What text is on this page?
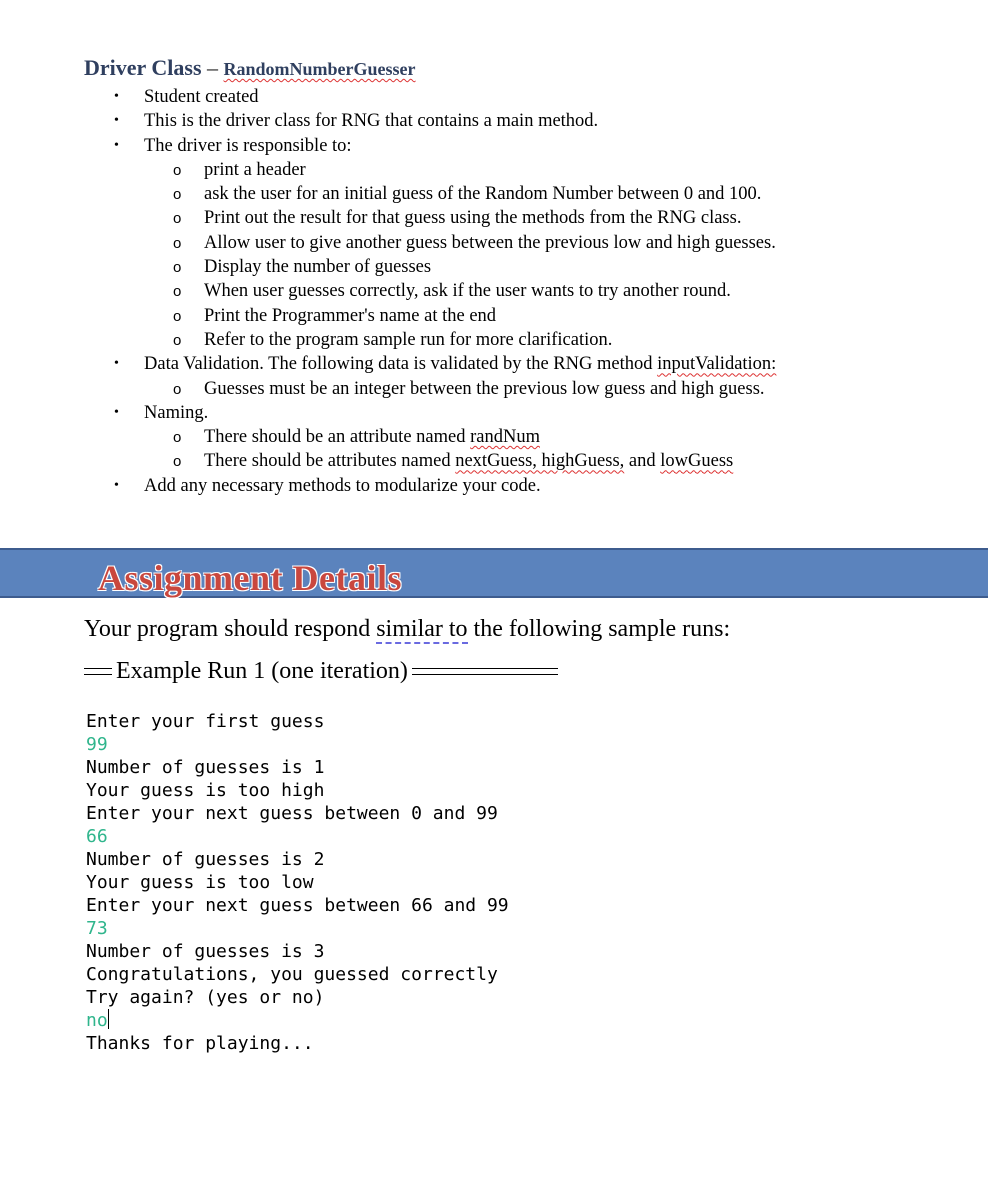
Driver Class – RandomNumberGuesser
• Student created
• This is the driver class for RNG that contains a main method.
• The driver is responsible to:
o print a header
o ask the user for an initial guess of the Random Number between 0 and 100.
o Print out the result for that guess using the methods from the RNG class.
o Allow user to give another guess between the previous low and high guesses.
o Display the number of guesses
o When user guesses correctly, ask if the user wants to try another round.
o Print the Programmer's name at the end
o Refer to the program sample run for more clarification.
• Data Validation. The following data is validated by the RNG method inputValidation:
o Guesses must be an integer between the previous low guess and high guess.
• Naming.
o There should be an attribute named randNum
o There should be attributes named nextGuess, highGuess, and lowGuess
• Add any necessary methods to modularize your code.
Assignment Details
Your program should respond similar to the following sample runs:
Example Run 1 (one iteration)
Enter your first guess
99
Number of guesses is 1
Your guess is too high
Enter your next guess between 0 and 99
66
Number of guesses is 2
Your guess is too low
Enter your next guess between 66 and 99
73
Number of guesses is 3
Congratulations, you guessed correctly
Try again? (yes or no)
no
Thanks for playing...
